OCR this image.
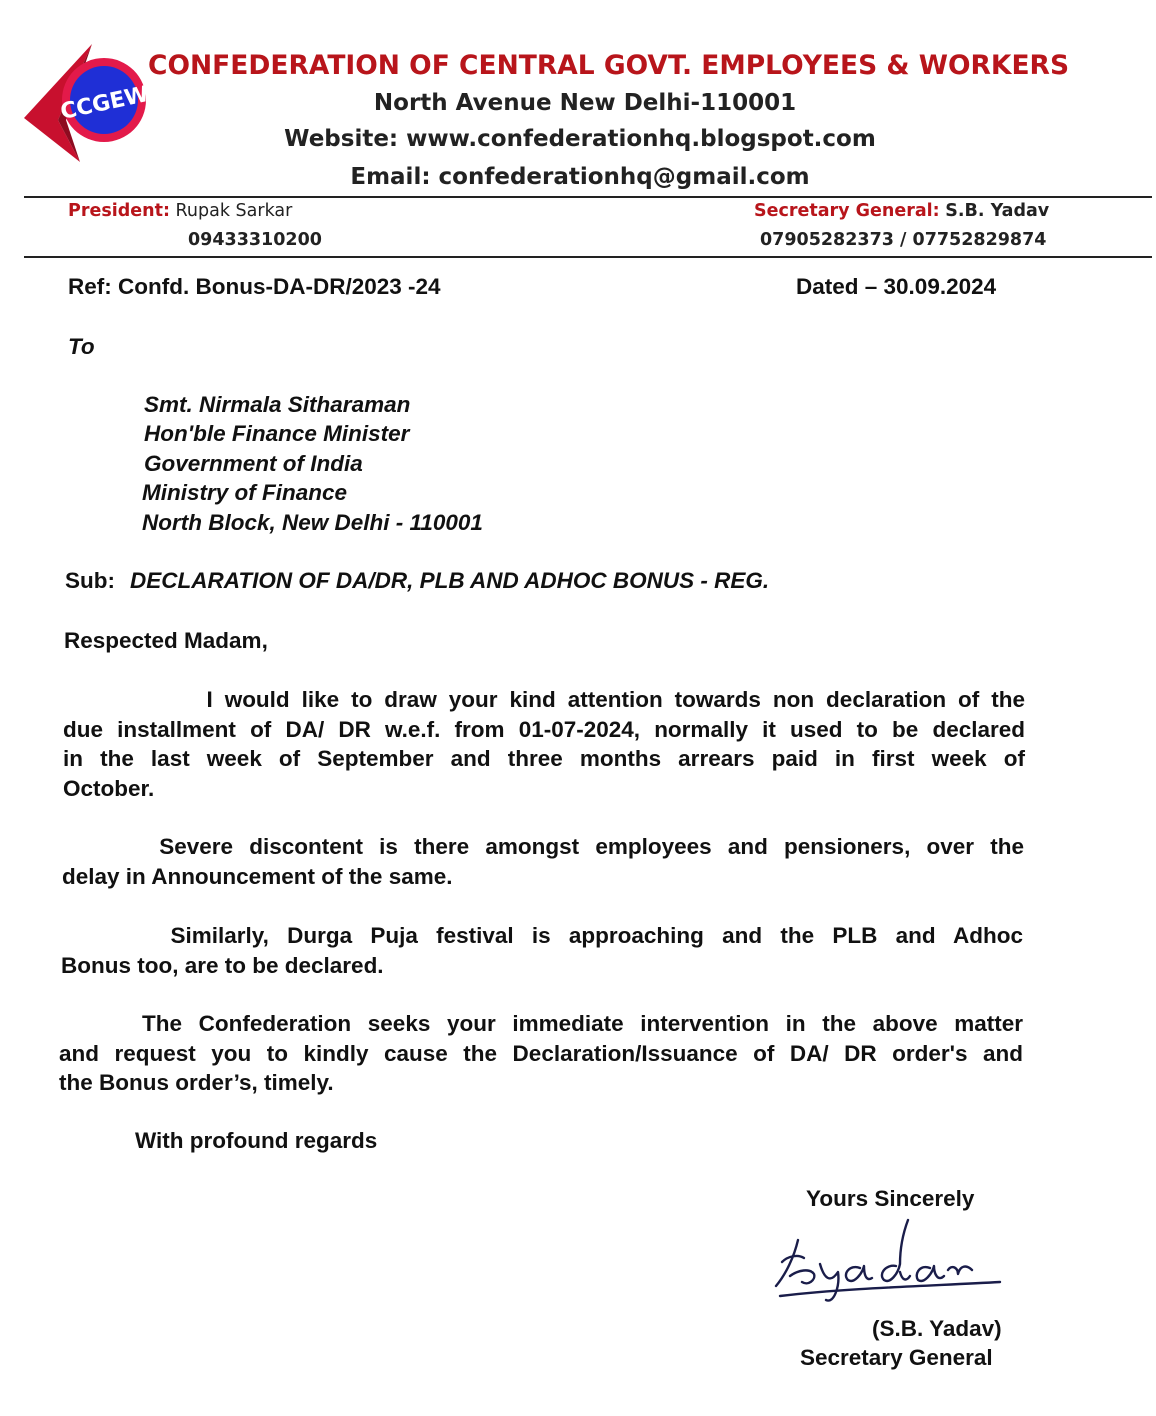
CCGEW
CONFEDERATION OF CENTRAL GOVT. EMPLOYEES & WORKERS
North Avenue New Delhi-110001
Website: www.confederationhq.blogspot.com
Email: confederationhq@gmail.com
President: Rupak Sarkar
09433310200
Secretary General: S.B. Yadav
07905282373 / 07752829874
Ref: Confd. Bonus-DA-DR/2023 -24	Dated – 30.09.2024
To
Smt. Nirmala Sitharaman
Hon'ble Finance Minister
Government of India
Ministry of Finance
North Block, New Delhi - 110001
Sub: DECLARATION OF DA/DR, PLB AND ADHOC BONUS - REG.
Respected Madam,

I would like to draw your kind attention towards non declaration of the

due installment of DA/ DR w.e.f. from 01-07-2024, normally it used to be declared

in the last week of September and three months arrears paid in first week of

October.

Severe discontent is there amongst employees and pensioners, over the

delay in Announcement of the same.

Similarly, Durga Puja festival is approaching and the PLB and Adhoc

Bonus too, are to be declared.

The Confederation seeks your immediate intervention in the above matter

and request you to kindly cause the Declaration/Issuance of DA/ DR order's and

the Bonus order’s, timely.

With profound regards
Yours Sincerely
(S.B. Yadav)
Secretary General
